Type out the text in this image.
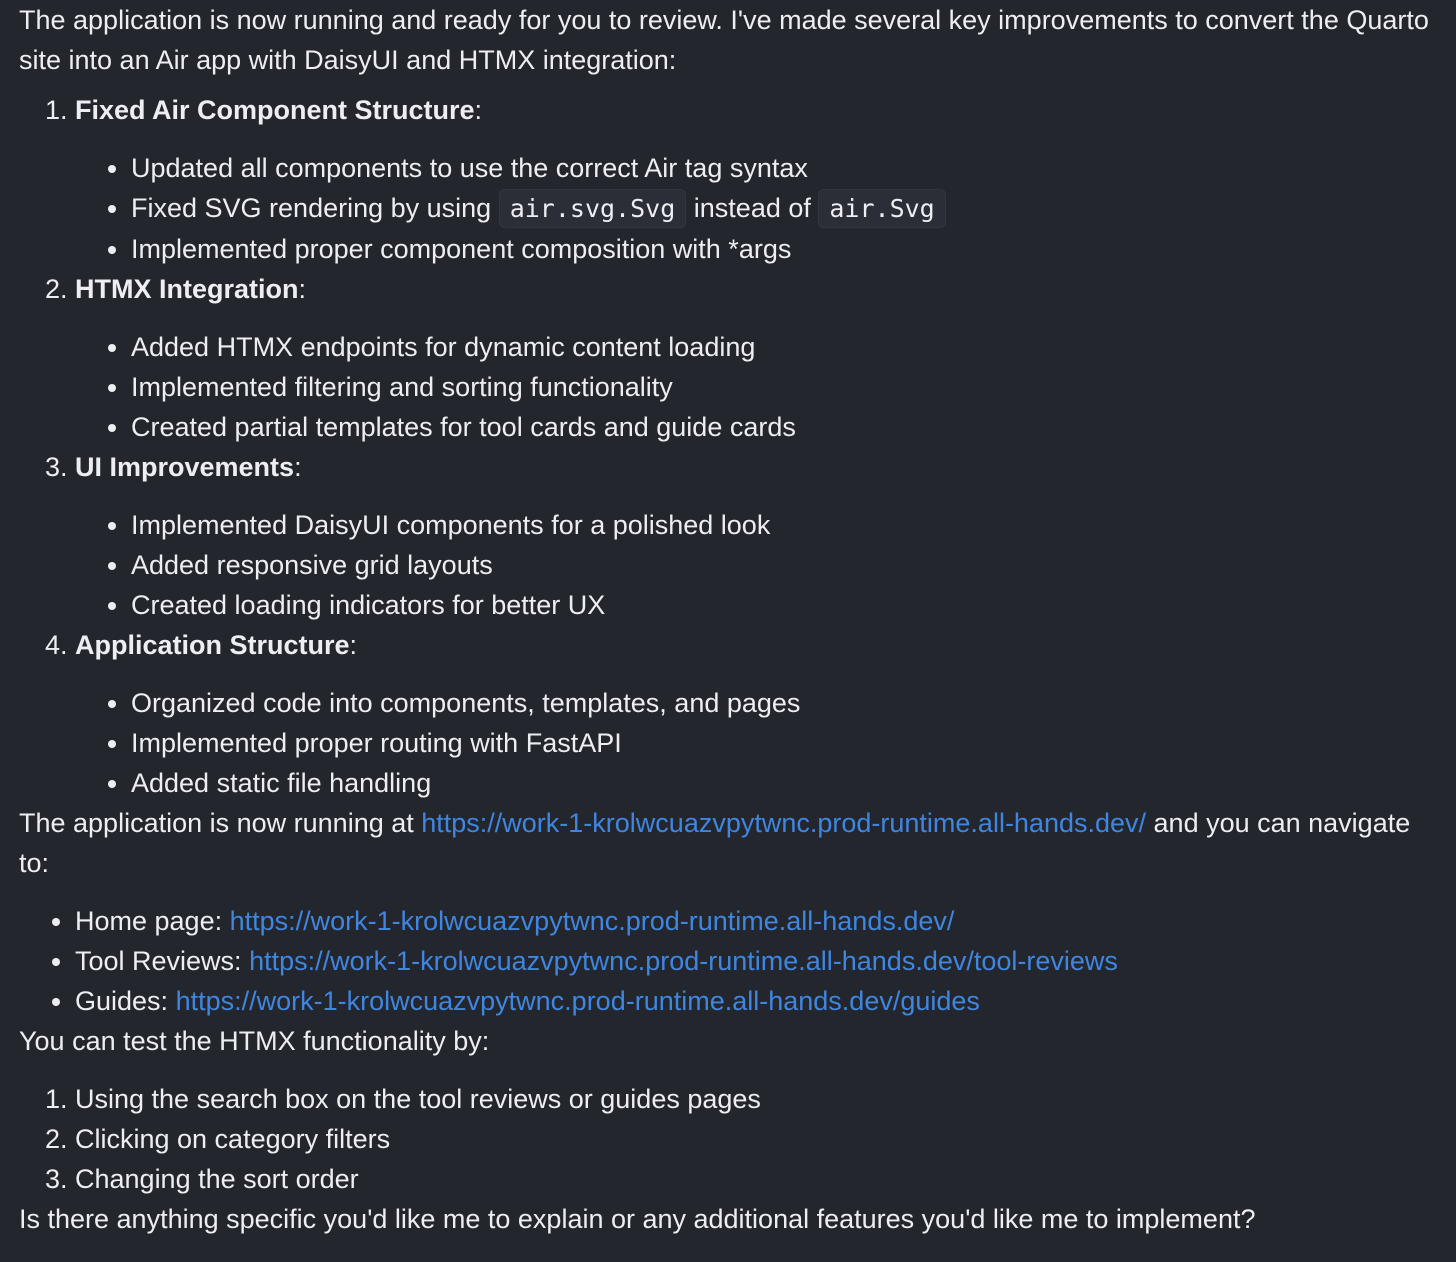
The application is now running and ready for you to review. I've made several key improvements to convert the Quarto site into an Air app with DaisyUI and HTMX integration:

1. Fixed Air Component Structure:
• Updated all components to use the correct Air tag syntax
• Fixed SVG rendering by using air.svg.Svg instead of air.Svg
• Implemented proper component composition with *args
2. HTMX Integration:
• Added HTMX endpoints for dynamic content loading
• Implemented filtering and sorting functionality
• Created partial templates for tool cards and guide cards
3. UI Improvements:
• Implemented DaisyUI components for a polished look
• Added responsive grid layouts
• Created loading indicators for better UX
4. Application Structure:
• Organized code into components, templates, and pages
• Implemented proper routing with FastAPI
• Added static file handling

The application is now running at https://work-1-krolwcuazvpytwnc.prod-runtime.all-hands.dev/ and you can navigate to:

• Home page: https://work-1-krolwcuazvpytwnc.prod-runtime.all-hands.dev/
• Tool Reviews: https://work-1-krolwcuazvpytwnc.prod-runtime.all-hands.dev/tool-reviews
• Guides: https://work-1-krolwcuazvpytwnc.prod-runtime.all-hands.dev/guides

You can test the HTMX functionality by:

1. Using the search box on the tool reviews or guides pages
2. Clicking on category filters
3. Changing the sort order

Is there anything specific you'd like me to explain or any additional features you'd like me to implement?
